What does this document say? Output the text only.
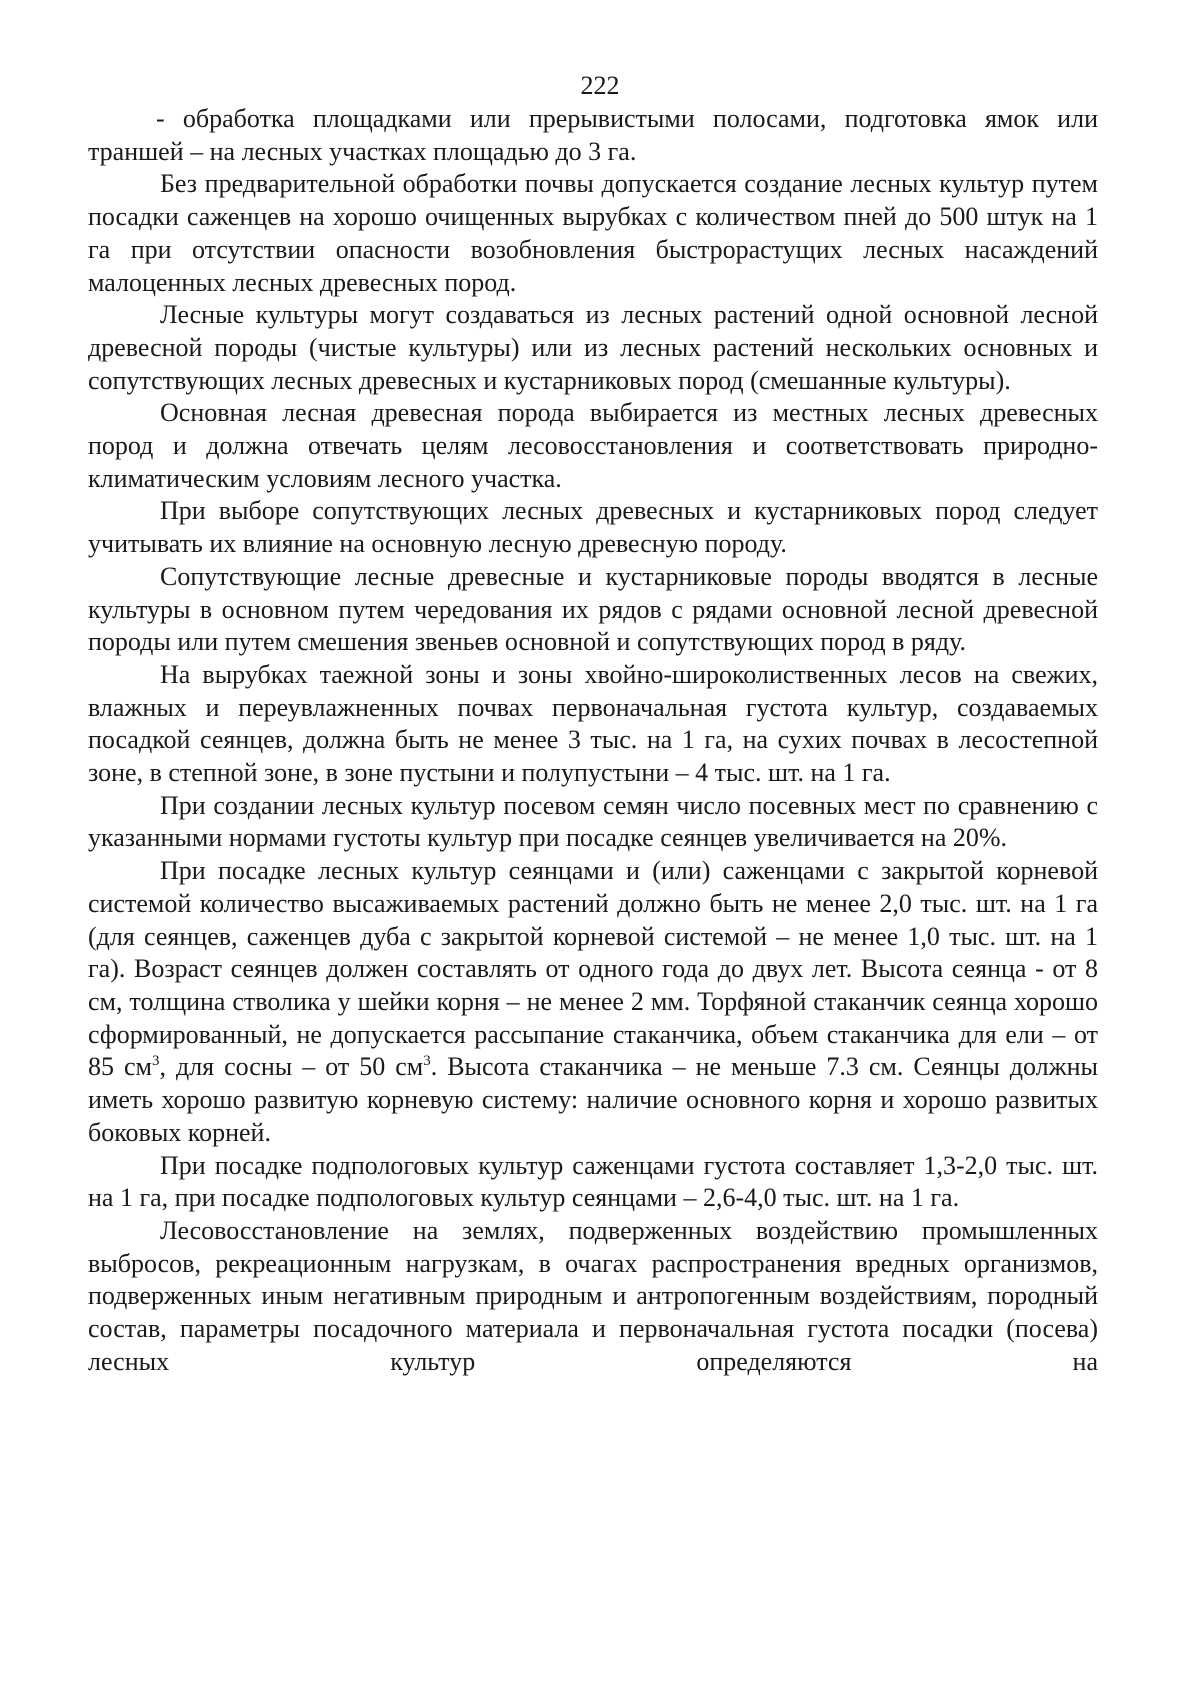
222

- обработка площадками или прерывистыми полосами, подготовка ямок или траншей – на лесных участках площадью до 3 га.

Без предварительной обработки почвы допускается создание лесных культур путем посадки саженцев на хорошо очищенных вырубках с количеством пней до 500 штук на 1 га при отсутствии опасности возобновления быстрорастущих лесных насаждений малоценных лесных древесных пород.

Лесные культуры могут создаваться из лесных растений одной основной лесной древесной породы (чистые культуры) или из лесных растений нескольких основных и сопутствующих лесных древесных и кустарниковых пород (смешанные культуры).

Основная лесная древесная порода выбирается из местных лесных древесных пород и должна отвечать целям лесовосстановления и соответствовать природно-климатическим условиям лесного участка.

При выборе сопутствующих лесных древесных и кустарниковых пород следует учитывать их влияние на основную лесную древесную породу.

Сопутствующие лесные древесные и кустарниковые породы вводятся в лесные культуры в основном путем чередования их рядов с рядами основной лесной древесной породы или путем смешения звеньев основной и сопутствующих пород в ряду.

На вырубках таежной зоны и зоны хвойно-широколиственных лесов на свежих, влажных и переувлажненных почвах первоначальная густота культур, создаваемых посадкой сеянцев, должна быть не менее 3 тыс. на 1 га, на сухих почвах в лесостепной зоне, в степной зоне, в зоне пустыни и полупустыни – 4 тыс. шт. на 1 га.

При создании лесных культур посевом семян число посевных мест по сравнению с указанными нормами густоты культур при посадке сеянцев увеличивается на 20%.

При посадке лесных культур сеянцами и (или) саженцами с закрытой корневой системой количество высаживаемых растений должно быть не менее 2,0 тыс. шт. на 1 га (для сеянцев, саженцев дуба с закрытой корневой системой – не менее 1,0 тыс. шт. на 1 га). Возраст сеянцев должен составлять от одного года до двух лет. Высота сеянца - от 8 см, толщина стволика у шейки корня – не менее 2 мм. Торфяной стаканчик сеянца хорошо сформированный, не допускается рассыпание стаканчика, объем стаканчика для ели – от 85 $см^3$, для сосны – от 50 $см^3$. Высота стаканчика – не меньше 7.3 см. Сеянцы должны иметь хорошо развитую корневую систему: наличие основного корня и хорошо развитых боковых корней.

При посадке подпологовых культур саженцами густота составляет 1,3-2,0 тыс. шт. на 1 га, при посадке подпологовых культур сеянцами – 2,6-4,0 тыс. шт. на 1 га.

Лесовосстановление на землях, подверженных воздействию промышленных выбросов, рекреационным нагрузкам, в очагах распространения вредных организмов, подверженных иным негативным природным и антропогенным воздействиям, породный состав, параметры посадочного материала и первоначальная густота посадки (посева) лесных культур определяются на
